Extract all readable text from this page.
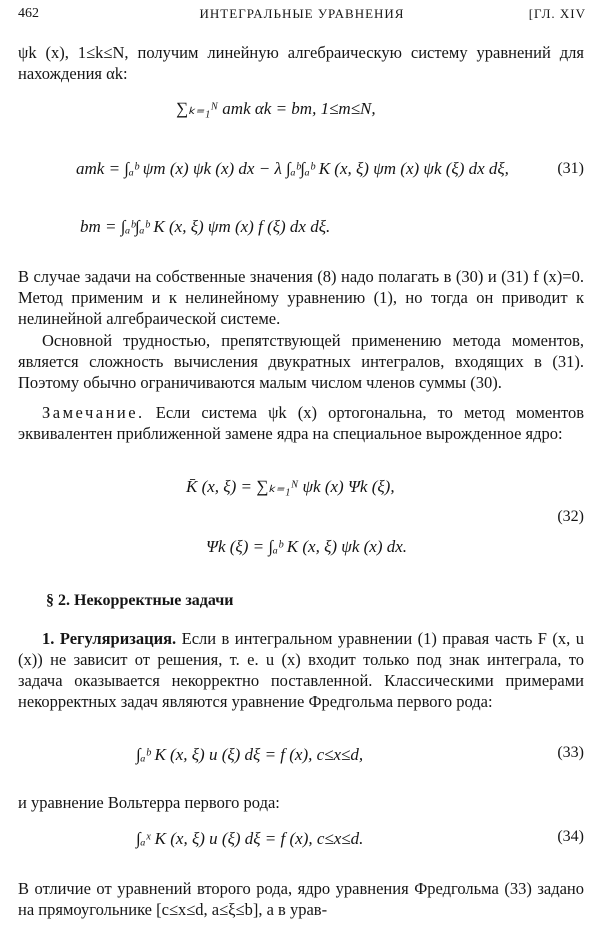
462	ИНТЕГРАЛЬНЫЕ УРАВНЕНИЯ	[ГЛ. XIV
ψk (x), 1≤k≤N, получим линейную алгебраическую систему уравнений для нахождения αk:
∑ₖ₌₁ᴺ amk αk = bm, 1≤m≤N,
amk = ∫ₐᵇ ψm (x) ψk (x) dx − λ ∫ₐᵇ∫ₐᵇ K (x, ξ) ψm (x) ψk (ξ) dx dξ,	(31)
bm = ∫ₐᵇ∫ₐᵇ K (x, ξ) ψm (x) f (ξ) dx dξ.
В случае задачи на собственные значения (8) надо полагать в (30) и (31) f (x)=0. Метод применим и к нелинейному уравнению (1), но тогда он приводит к нелинейной алгебраической системе.
Основной трудностью, препятствующей применению метода моментов, является сложность вычисления двукратных интегралов, входящих в (31). Поэтому обычно ограничиваются малым числом членов суммы (30).
Замечание. Если система ψk (x) ортогональна, то метод моментов эквивалентен приближенной замене ядра на специальное вырожденное ядро:
K̄ (x, ξ) = ∑ₖ₌₁ᴺ ψk (x) Ψk (ξ),
(32)
Ψk (ξ) = ∫ₐᵇ K (x, ξ) ψk (x) dx.
§ 2. Некорректные задачи
1. Регуляризация. Если в интегральном уравнении (1) правая часть F (x, u (x)) не зависит от решения, т. е. u (x) входит только под знак интеграла, то задача оказывается некорректно поставленной. Классическими примерами некорректных задач являются уравнение Фредгольма первого рода:
∫ₐᵇ K (x, ξ) u (ξ) dξ = f (x), c≤x≤d,	(33)
и уравнение Вольтерра первого рода:
∫ₐˣ K (x, ξ) u (ξ) dξ = f (x), c≤x≤d.	(34)
В отличие от уравнений второго рода, ядро уравнения Фредгольма (33) задано на прямоугольнике [c≤x≤d, a≤ξ≤b], а в урав-
